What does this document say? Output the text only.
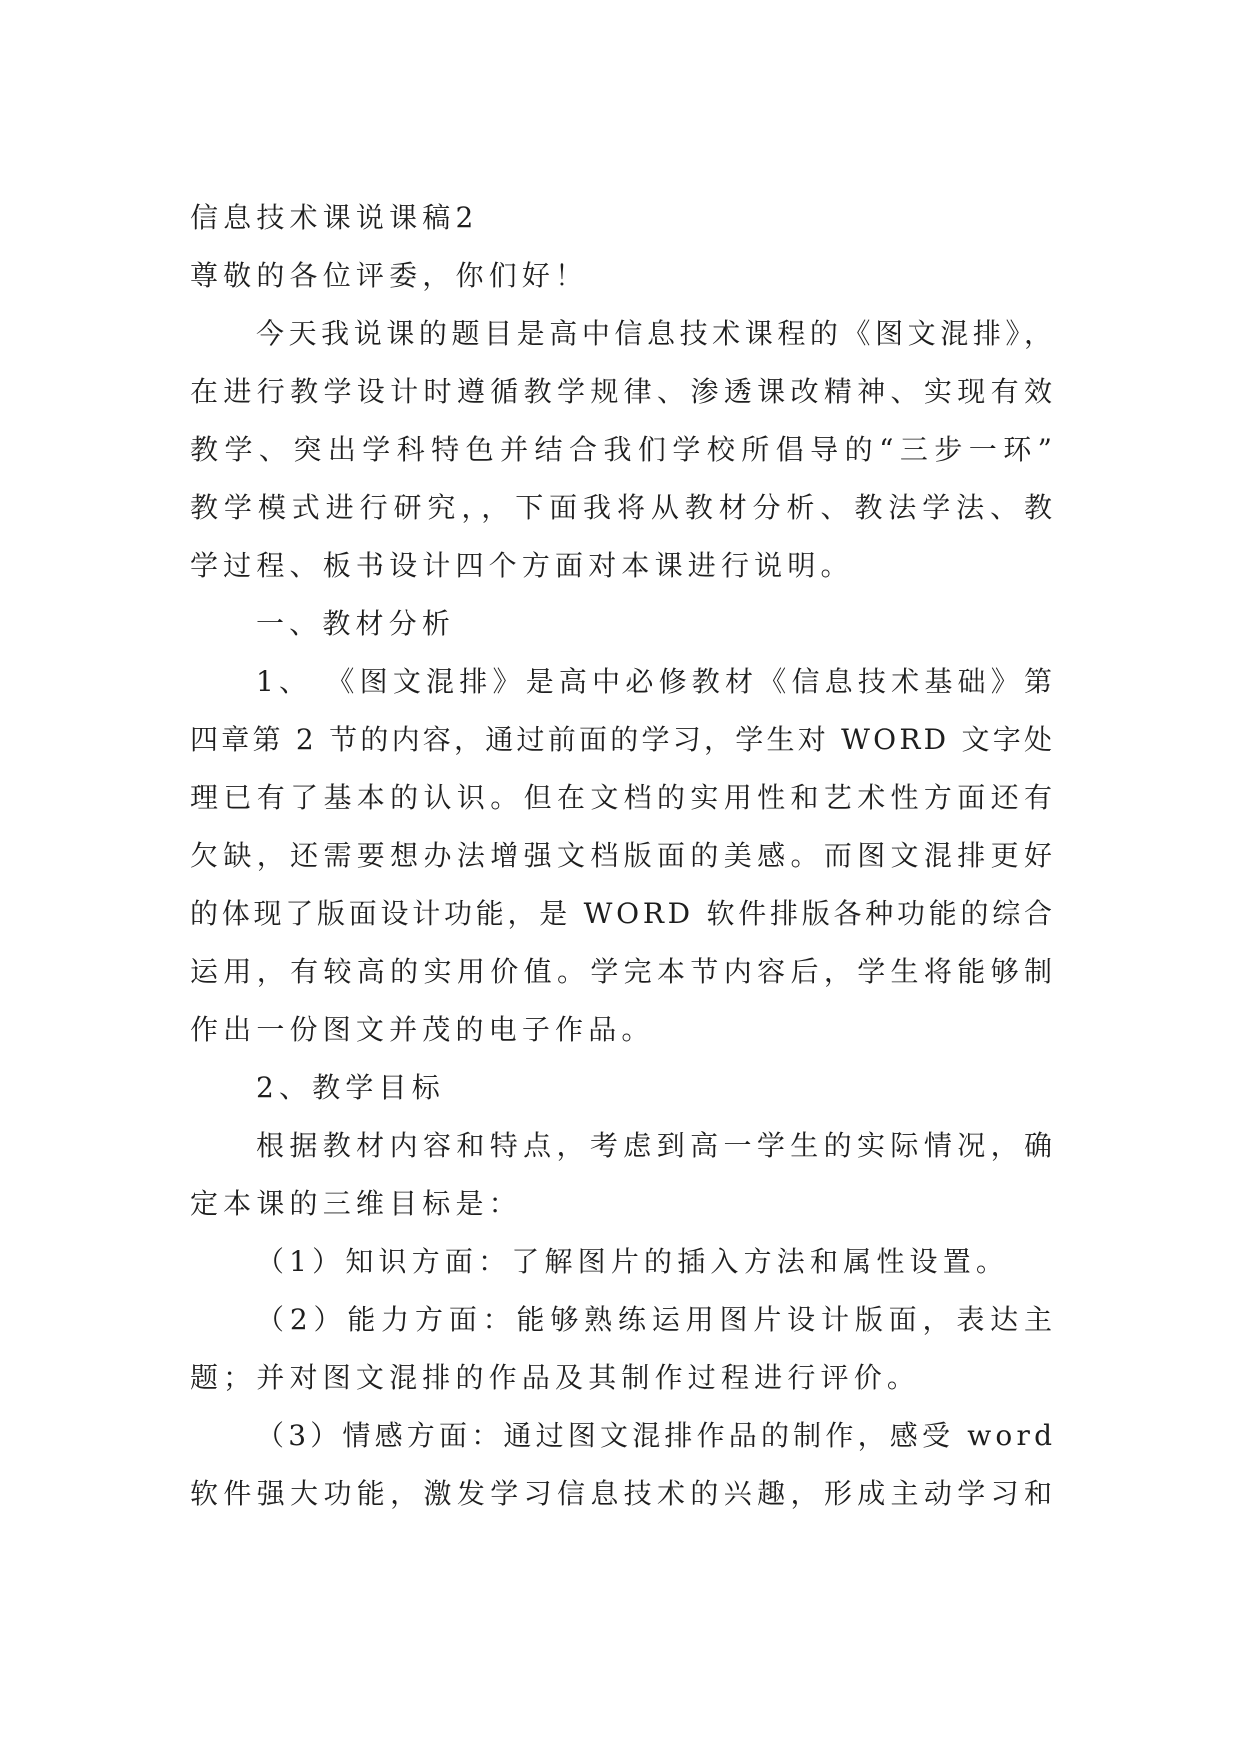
信息技术课说课稿2
尊敬的各位评委，你们好！
今天我说课的题目是高中信息技术课程的《图文混排》，
在进行教学设计时遵循教学规律、渗透课改精神、实现有效
教学、突出学科特色并结合我们学校所倡导的“三步一环”
教学模式进行研究，，下面我将从教材分析、教法学法、教
学过程、板书设计四个方面对本课进行说明。
一、教材分析
1、 《图文混排》是高中必修教材《信息技术基础》第
四章第 2 节的内容，通过前面的学习，学生对 WORD 文字处
理已有了基本的认识。但在文档的实用性和艺术性方面还有
欠缺，还需要想办法增强文档版面的美感。而图文混排更好
的体现了版面设计功能，是 WORD 软件排版各种功能的综合
运用，有较高的实用价值。学完本节内容后，学生将能够制
作出一份图文并茂的电子作品。
2、教学目标
根据教材内容和特点，考虑到高一学生的实际情况，确
定本课的三维目标是：
（1）知识方面：了解图片的插入方法和属性设置。
（2）能力方面：能够熟练运用图片设计版面，表达主
题；并对图文混排的作品及其制作过程进行评价。
（3）情感方面：通过图文混排作品的制作，感受 word
软件强大功能，激发学习信息技术的兴趣，形成主动学习和
